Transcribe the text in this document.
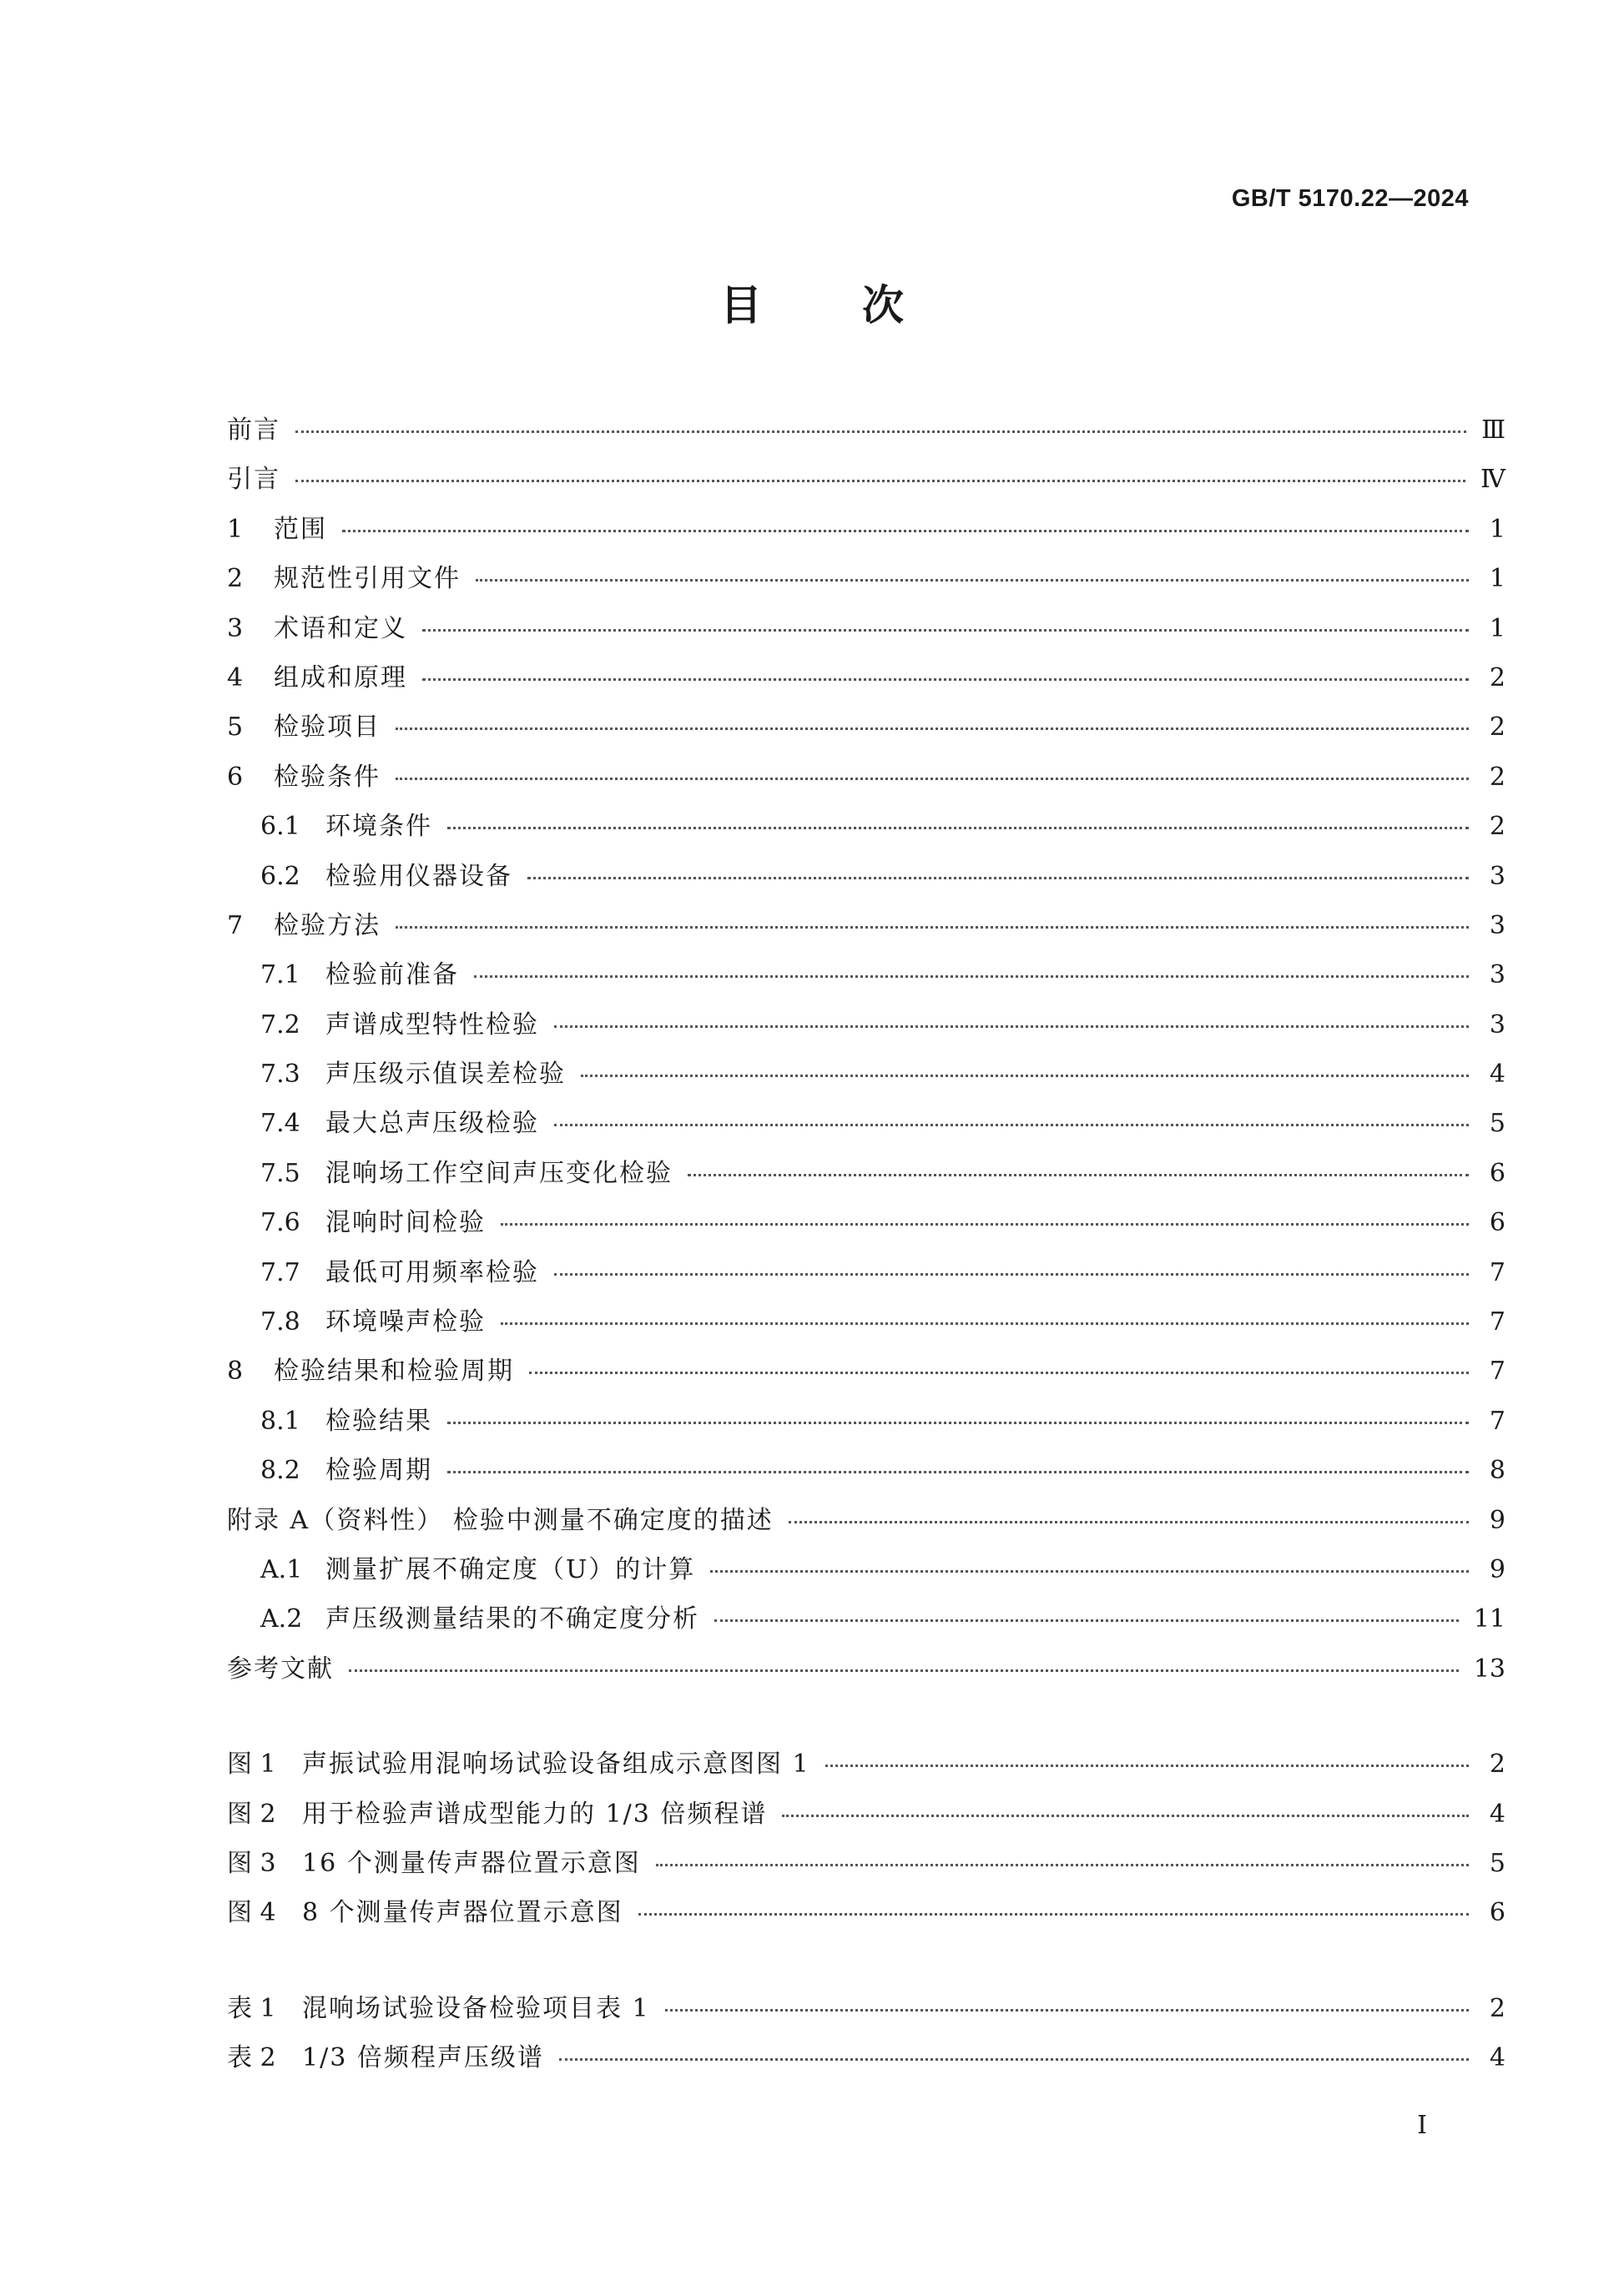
GB/T 5170.22—2024
目次
前言	Ⅲ
引言	Ⅳ
1	范围	1
2	规范性引用文件	1
3	术语和定义	1
4	组成和原理	2
5	检验项目	2
6	检验条件	2
6.1	环境条件	2
6.2	检验用仪器设备	3
7	检验方法	3
7.1	检验前准备	3
7.2	声谱成型特性检验	3
7.3	声压级示值误差检验	4
7.4	最大总声压级检验	5
7.5	混响场工作空间声压变化检验	6
7.6	混响时间检验	6
7.7	最低可用频率检验	7
7.8	环境噪声检验	7
8	检验结果和检验周期	7
8.1	检验结果	7
8.2	检验周期	8
附录 A（资料性） 检验中测量不确定度的描述	9
A.1 测量扩展不确定度（U）的计算	9
A.2 声压级测量结果的不确定度分析	11
参考文献	13
图 1	声振试验用混响场试验设备组成示意图图 1	2
图 2	用于检验声谱成型能力的 1/3 倍频程谱	4
图 3	16 个测量传声器位置示意图	5
图 4	8 个测量传声器位置示意图	6
表 1	混响场试验设备检验项目表 1	2
表 2	1/3 倍频程声压级谱	4
I
